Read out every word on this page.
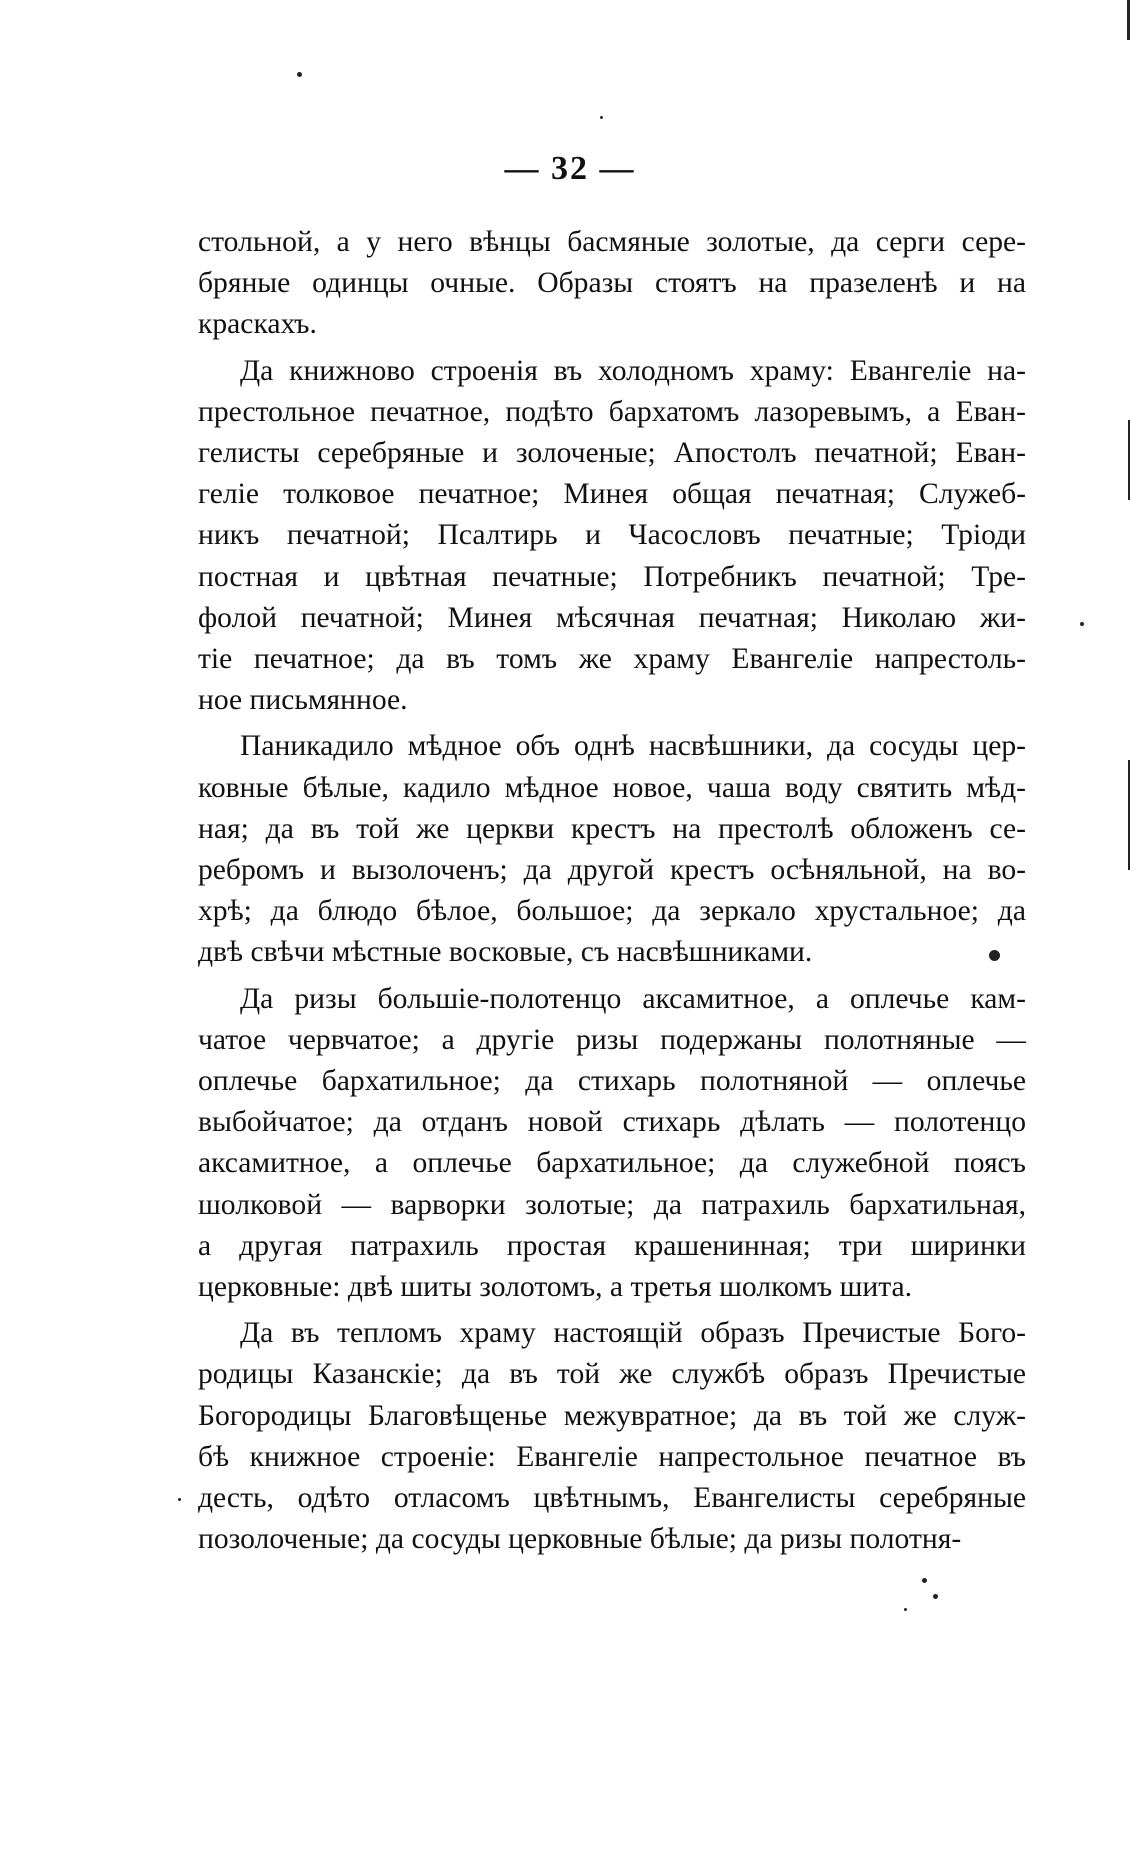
— 32 —
стольной, а у него вѣнцы басмяные золотые, да серги сере-
бряные одинцы очные. Образы стоятъ на празеленѣ и на
краскахъ.
Да книжново строенія въ холодномъ храму: Евангеліе на-
престольное печатное, подѣто бархатомъ лазоревымъ, а Еван-
гелисты серебряные и золоченые; Апостолъ печатной; Еван-
геліе толковое печатное; Минея общая печатная; Служеб-
никъ печатной; Псалтирь и Часословъ печатные; Тріоди
постная и цвѣтная печатные; Потребникъ печатной; Тре-
фолой печатной; Минея мѣсячная печатная; Николаю жи-
тіе печатное; да въ томъ же храму Евангеліе напрестоль-
ное письмянное.
Паникадило мѣдное объ однѣ насвѣшники, да сосуды цер-
ковные бѣлые, кадило мѣдное новое, чаша воду святить мѣд-
ная; да въ той же церкви крестъ на престолѣ обложенъ се-
ребромъ и вызолоченъ; да другой крестъ осѣняльной, на во-
хрѣ; да блюдо бѣлое, большое; да зеркало хрустальное; да
двѣ свѣчи мѣстные восковые, съ насвѣшниками.
Да ризы большіе-полотенцо аксамитное, а оплечье кам-
чатое червчатое; а другіе ризы подержаны полотняные —
оплечье бархатильное; да стихарь полотняной — оплечье
выбойчатое; да отданъ новой стихарь дѣлать — полотенцо
аксамитное, а оплечье бархатильное; да служебной поясъ
шолковой — варворки золотые; да патрахиль бархатильная,
а другая патрахиль простая крашенинная; три ширинки
церковные: двѣ шиты золотомъ, а третья шолкомъ шита.
Да въ тепломъ храму настоящій образъ Пречистые Бого-
родицы Казанскіе; да въ той же службѣ образъ Пречистые
Богородицы Благовѣщенье межувратное; да въ той же служ-
бѣ книжное строеніе: Евангеліе напрестольное печатное въ
десть, одѣто отласомъ цвѣтнымъ, Евангелисты серебряные
позолоченые; да сосуды церковные бѣлые; да ризы полотня-
